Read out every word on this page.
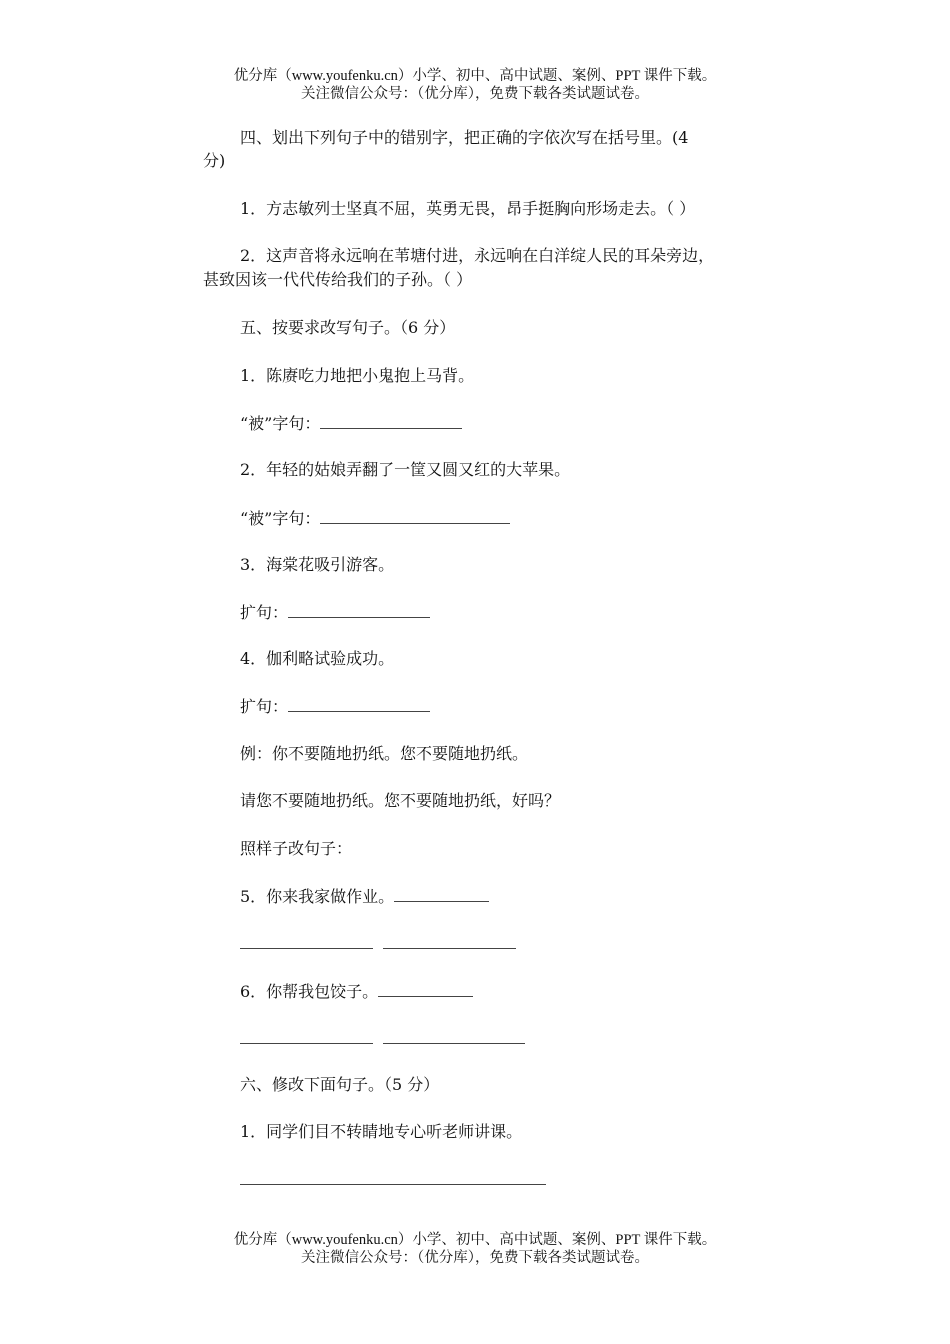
优分库（www.youfenku.cn）小学、初中、高中试题、案例、PPT 课件下载。
关注微信公众号：（优分库），免费下载各类试题试卷。
四、划出下列句子中的错别字，把正确的字依次写在括号里。(4
分)
1．方志敏列士坚真不屈，英勇无畏，昂手挺胸向形场走去。（ ）
2．这声音将永远响在苇塘付进，永远响在白洋绽人民的耳朵旁边，
甚致因该一代代传给我们的子孙。（ ）
五、按要求改写句子。（6 分）
1．陈赓吃力地把小鬼抱上马背。
“被”字句：
2．年轻的姑娘弄翻了一筐又圆又红的大苹果。
“被”字句：
3．海棠花吸引游客。
扩句：
4．伽利略试验成功。
扩句：
例：你不要随地扔纸。您不要随地扔纸。
请您不要随地扔纸。您不要随地扔纸，好吗？
照样子改句子：
5．你来我家做作业。
6．你帮我包饺子。
六、修改下面句子。（5 分）
1．同学们目不转睛地专心听老师讲课。
优分库（www.youfenku.cn）小学、初中、高中试题、案例、PPT 课件下载。
关注微信公众号：（优分库），免费下载各类试题试卷。
